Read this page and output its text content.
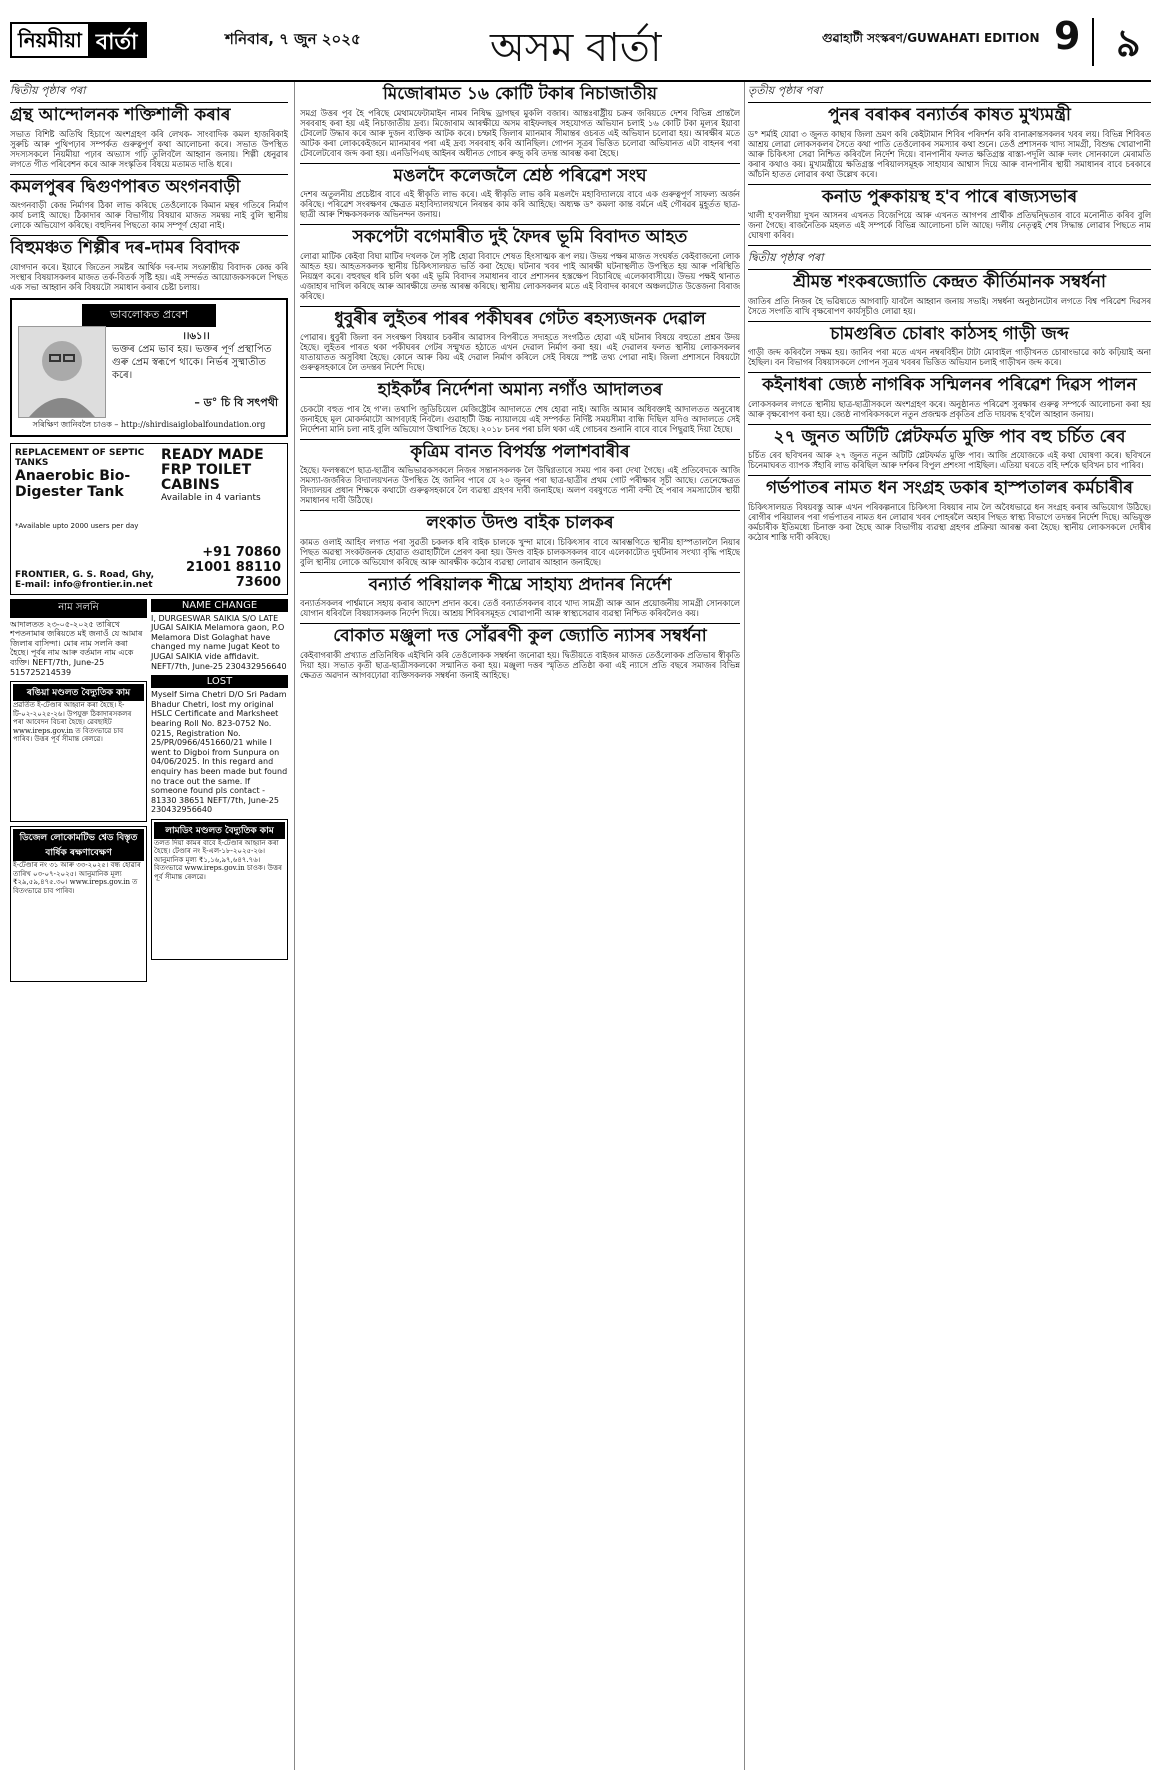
নিয়মীয়া বার্তা	শনিবাৰ, ৭ জুন ২০২৫	অসম বাৰ্তা	গুৱাহাটী সংস্কৰণ/GUWAHATI EDITION 9 ৯
দ্বিতীয় পৃষ্ঠাৰ পৰা
গ্ৰন্থ আন্দোলনক শক্তিশালী কৰাৰ

সভাত বিশিষ্ট অতিথি হিচাপে অংশগ্ৰহণ কৰি লেখক- সাংবাদিক কমল হাজৰিকাই সুৰুচি আৰু পুথিপঢ়াৰ সম্পৰ্কত গুৰুত্বপূৰ্ণ কথা আলোচনা কৰে। সভাত উপস্থিত সদস্যসকলে নিয়মীয়া পঢ়াৰ অভ্যাস গঢ়ি তুলিবলৈ আহ্বান জনায়। শিল্পী ধেনুৱাৰ লগতে গীত পৰিবেশন কৰে আৰু সংস্কৃতিৰ বিষয়ে মতামত দাঙি ধৰে।

কমলপুৰৰ দ্বিগুণপাৰত অংগনবাড়ী

অংগনবাড়ী কেন্দ্ৰ নিৰ্মাণৰ ঠিকা লাভ কৰিছে তেওঁলোকে কিমান মন্থৰ গতিৰে নিৰ্মাণ কাৰ্য চলাই আছে। ঠিকাদাৰ আৰু বিভাগীয় বিষয়াৰ মাজত সমন্বয় নাই বুলি স্থানীয় লোকে অভিযোগ কৰিছে। বহুদিনৰ পিছতো কাম সম্পূৰ্ণ হোৱা নাই।

বিহুমঞ্চত শিল্পীৰ দৰ-দামৰ বিবাদক

যোগদান কৰে। ইয়াৰে জিতেন সমষ্টৰ আৰ্থিক দৰ-দাম সংক্ৰান্তীয় বিবাদক কেন্দ্ৰ কৰি সংস্থাৰ বিষয়াসকলৰ মাজত তৰ্ক-বিতৰ্ক সৃষ্টি হয়। এই সন্দৰ্ভত আয়োজকসকলে পিছত এক সভা আহ্বান কৰি বিষয়টো সমাধান কৰাৰ চেষ্টা চলায়।

ভাবলোকত প্ৰবেশ
।।৬১।।
ভক্তৰ প্ৰেম ভাব হয়। ভক্তৰ পূৰ্ণ প্ৰস্থাপিত গুৰু প্ৰেম স্বৰূপে থাকে। নিৰ্ভৰ সুষ্মাতীত কৰে।
– ড° চি বি সৎপথী
সৰিক্ষিণ জানিবলৈ চাওক – http://shirdisaiglobalfoundation.org
REPLACEMENT OF SEPTIC TANKS
Anaerobic Bio-Digester Tank
*Available upto 2000 users per day
READY MADE FRP TOILET CABINS
Available in 4 variants
FRONTIER, G. S. Road, Ghy, E-mail: info@frontier.in.net
+91 70860 21001 88110 73600
নাম সলনি
আদালতত ২৩-০৫-২০২৫ তাৰিখে শপতনামাৰ জৰিয়তে মই জনাওঁ যে আমাৰ জিলাৰ বাসিন্দা। মোৰ নাম সলনি কৰা হৈছে। পূৰ্বৰ নাম আৰু বৰ্তমান নাম একে ব্যক্তি। NEFT/7th, June-25 515725214539
ৰঙিয়া মণ্ডলত বৈদ্যুতিক কাম
প্ৰৱৰ্তিত ই-টেণ্ডাৰ আহ্বান কৰা হৈছে। ই-টি-০২-২০২৫-২৬। উপযুক্ত ঠিকাদাৰসকলৰ পৰা আবেদন বিচৰা হৈছে। ৱেবছাইট www.ireps.gov.in ত বিতংভাৱে চাব পাৰিব। উত্তৰ পূৰ্ব সীমান্ত ৰেলৱে।
ডিজেল লোকোমটিভ শ্বেড বিস্তৃত বাৰ্ষিক ৰক্ষণাবেক্ষণ
ই-টেণ্ডাৰ নং ৩১ আৰু ৩৩-২০২৫। বন্ধ হোৱাৰ তাৰিখ ০৩-০৭-২০২৫। আনুমানিক মূল্য ₹২৯,৫৯,৪৭৫.৩০। www.ireps.gov.in ত বিতংভাৱে চাব পাৰিব।
NAME CHANGE
I, DURGESWAR SAIKIA S/O LATE JUGAI SAIKIA Melamora gaon, P.O Melamora Dist Golaghat have changed my name Jugat Keot to JUGAI SAIKIA vide affidavit. NEFT/7th, June-25 230432956640
LOST
Myself Sima Chetri D/O Sri Padam Bhadur Chetri, lost my original HSLC Certificate and Marksheet bearing Roll No. 823-0752 No. 0215, Registration No. 25/PR/0966/451660/21 while I went to Digboi from Sunpura on 04/06/2025. In this regard and enquiry has been made but found no trace out the same. If someone found pls contact - 81330 38651 NEFT/7th, June-25 230432956640
লামডিং মণ্ডলত বৈদ্যুতিক কাম
তলত দিয়া কামৰ বাবে ই-টেণ্ডাৰ আহ্বান কৰা হৈছে। টেণ্ডাৰ নং ই-এল-১৮-২০২৫-২৬। আনুমানিক মূল্য ₹১,১৬,৯৭,৬৪৭.৭৬। বিতংভাৱে www.ireps.gov.in চাওক। উত্তৰ পূৰ্ব সীমান্ত ৰেলৱে।
মিজোৰামত ১৬ কোটি টকাৰ নিচাজাতীয়

সমগ্ৰ উত্তৰ পূব হৈ পৰিছে মেথামফেটামাইন নামৰ নিষিদ্ধ ড্ৰাগছৰ মুকলি বজাৰ। আন্তঃৰাষ্ট্ৰীয় চক্ৰৰ জৰিয়তে দেশৰ বিভিন্ন প্ৰান্তলৈ সৰবৰাহ কৰা হয় এই নিচাজাতীয় দ্ৰব্য। মিজোৰাম আৰক্ষীয়ে অসম ৰাইফলছৰ সহযোগত অভিযান চলাই ১৬ কোটি টকা মূল্যৰ ইয়াবা টেবলেট উদ্ধাৰ কৰে আৰু দুজন ব্যক্তিক আটক কৰে। চম্ফাই জিলাৰ ম্যানমাৰ সীমান্তৰ ওচৰত এই অভিযান চলোৱা হয়। আৰক্ষীৰ মতে আটক কৰা লোককেইজনে ম্যানমাৰৰ পৰা এই দ্ৰব্য সৰবৰাহ কৰি আনিছিল। গোপন সূত্ৰৰ ভিত্তিত চলোৱা অভিযানত এটা বাহনৰ পৰা টেবলেটবোৰ জব্দ কৰা হয়। এনডিপিএছ আইনৰ অধীনত গোচৰ ৰুজু কৰি তদন্ত আৰম্ভ কৰা হৈছে।

মঙলদৈ কলেজলৈ শ্ৰেষ্ঠ পৰিৱেশ সংঘ

দেশৰ অতুলনীয় প্ৰচেষ্টাৰ বাবে এই স্বীকৃতি লাভ কৰে। এই স্বীকৃতি লাভ কৰি মঙলদৈ মহাবিদ্যালয়ে বাবে এক গুৰুত্বপূৰ্ণ সাফল্য অৰ্জন কৰিছে। পৰিৱেশ সংৰক্ষণৰ ক্ষেত্ৰত মহাবিদ্যালয়খনে নিৰন্তৰ কাম কৰি আহিছে। অধ্যক্ষ ড° কমলা কান্ত বৰ্মনে এই গৌৰৱৰ মুহূৰ্তত ছাত্ৰ-ছাত্ৰী আৰু শিক্ষকসকলক অভিনন্দন জনায়।

সকপেটা বগেমাৰীত দুই ফৈদৰ ভূমি বিবাদত আহত

লোৱা মাটিক কেইবা বিঘা মাটিৰ দখলক লৈ সৃষ্টি হোৱা বিবাদে শেষত হিংসাত্মক ৰূপ লয়। উভয় পক্ষৰ মাজত সংঘৰ্ষত কেইবাজনো লোক আহত হয়। আহতসকলক স্থানীয় চিকিৎসালয়ত ভৰ্তি কৰা হৈছে। ঘটনাৰ খবৰ পাই আৰক্ষী ঘটনাস্থলীত উপস্থিত হয় আৰু পৰিস্থিতি নিয়ন্ত্ৰণ কৰে। বহুবছৰ ধৰি চলি থকা এই ভূমি বিবাদৰ সমাধানৰ বাবে প্ৰশাসনৰ হস্তক্ষেপ বিচাৰিছে এলেকাবাসীয়ে। উভয় পক্ষই থানাত এজাহাৰ দাখিল কৰিছে আৰু আৰক্ষীয়ে তদন্ত আৰম্ভ কৰিছে। স্থানীয় লোকসকলৰ মতে এই বিবাদৰ কাৰণে অঞ্চলটোত উত্তেজনা বিৰাজ কৰিছে।

ধুবুৰীৰ লুইতৰ পাৰৰ পকীঘৰৰ গেটত ৰহস্যজনক দেৱাল

পোৱাৰ। ধুবুৰী জিলা বন সংৰক্ষণ বিষয়াৰ চকৰীৰ আৱাসৰ বিপৰীতে সদ্যহতে সংগঠিত হোৱা এই ঘটনাৰ বিষয়ে বহুতো প্ৰশ্নৰ উদয় হৈছে। লুইতৰ পাৰত থকা পকীঘৰৰ গেটৰ সন্মুখত হঠাতে এখন দেৱাল নিৰ্মাণ কৰা হয়। এই দেৱালৰ ফলত স্থানীয় লোকসকলৰ যাতায়াতত অসুবিধা হৈছে। কোনে আৰু কিয় এই দেৱাল নিৰ্মাণ কৰিলে সেই বিষয়ে স্পষ্ট তথ্য পোৱা নাই। জিলা প্ৰশাসনে বিষয়টো গুৰুত্বসহকাৰে লৈ তদন্তৰ নিৰ্দেশ দিছে।

হাইকৰ্টৰ নিৰ্দেশনা অমান্য নগাঁও আদালতৰ

চেকটো বহুত পাৰ হৈ গ'ল। তথাপি জুডিচিয়েল মেজিষ্ট্ৰেটৰ আদালতে শেষ হোৱা নাই। আজি আমাৰ অধিবক্তাই আদালতত অনুৰোধ জনাইছে মূল মোকৰ্দমাটো আগবঢ়াই নিবলৈ। গুৱাহাটী উচ্চ ন্যায়ালয়ে এই সম্পৰ্কত নিৰ্দিষ্ট সময়সীমা বান্ধি দিছিল যদিও আদালতে সেই নিৰ্দেশনা মানি চলা নাই বুলি অভিযোগ উত্থাপিত হৈছে। ২০১৮ চনৰ পৰা চলি থকা এই গোচৰৰ শুনানি বাৰে বাৰে পিছুৱাই দিয়া হৈছে।

কৃত্ৰিম বানত বিপৰ্যস্ত পলাশবাৰীৰ

হৈছে। ফলস্বৰূপে ছাত্ৰ-ছাত্ৰীৰ অভিভাৱকসকলে নিজৰ সন্তানসকলক লৈ উদ্বিগ্নতাৰে সময় পাৰ কৰা দেখা গৈছে। এই প্ৰতিবেদকে আজি সমস্যা-জৰ্জৰিত বিদ্যালয়খনত উপস্থিত হৈ জানিব পাৰে যে ২০ জুনৰ পৰা ছাত্ৰ-ছাত্ৰীৰ প্ৰথম গোট পৰীক্ষাৰ সূচী আছে। তেনেক্ষেত্ৰত বিদ্যালয়ৰ প্ৰধান শিক্ষকে কথাটো গুৰুত্বসহকাৰে লৈ ব্যৱস্থা গ্ৰহণৰ দাবী জনাইছে। অলপ বৰষুণতে পানী বন্দী হৈ পৰাৰ সমস্যাটোৰ স্থায়ী সমাধানৰ দাবী উঠিছে।

লংকাত উদণ্ড বাইক চালকৰ

কামত ওলাই আহিব লগাত পৰা সুৱতী চকলক ধৰি বাইক চালকে খুন্দা মাৰে। চিকিৎসাৰ বাবে আৰম্ভণিতে স্থানীয় হাস্পতাললৈ নিয়াৰ পিছত অৱস্থা সংকটজনক হোৱাত গুৱাহাটীলৈ প্ৰেৰণ কৰা হয়। উদণ্ড বাইক চালকসকলৰ বাবে এলেকাটোত দুৰ্ঘটনাৰ সংখ্যা বৃদ্ধি পাইছে বুলি স্থানীয় লোকে অভিযোগ কৰিছে আৰু আৰক্ষীক কঠোৰ ব্যৱস্থা লোৱাৰ আহ্বান জনাইছে।

বন্যাৰ্ত পৰিয়ালক শীঘ্ৰে সাহায্য প্ৰদানৰ নিৰ্দেশ

বন্যাৰ্তসকলৰ পাৰ্শ্বমানে সহায় কৰাৰ আদেশ প্ৰদান কৰে। তেওঁ বন্যাৰ্তসকলৰ বাবে খাদ্য সামগ্ৰী আৰু আন প্ৰয়োজনীয় সামগ্ৰী সোনকালে যোগান ধৰিবলৈ বিষয়াসকলক নিৰ্দেশ দিয়ে। আশ্ৰয় শিবিৰসমূহত খোৱাপানী আৰু স্বাস্থ্যসেৱাৰ ব্যৱস্থা নিশ্চিত কৰিবলৈও কয়।

বোকাত মঞ্জুলা দত্ত সোঁৱৰণী কুল জ্যোতি ন্যাসৰ সম্বৰ্ধনা

কেইবাগৰাকী প্ৰখ্যাত প্ৰতিনিধিক এইখিনি কৰি তেওঁলোকক সম্বৰ্ধনা জনোৱা হয়। দ্বিতীয়তে বাইজৰ মাজত তেওঁলোকক প্ৰতিভাৰ স্বীকৃতি দিয়া হয়। সভাত কৃতী ছাত্ৰ-ছাত্ৰীসকলকো সন্মানিত কৰা হয়। মঞ্জুলা দত্তৰ স্মৃতিত প্ৰতিষ্ঠা কৰা এই ন্যাসে প্ৰতি বছৰে সমাজৰ বিভিন্ন ক্ষেত্ৰত অৱদান আগবঢ়োৱা ব্যক্তিসকলক সম্বৰ্ধনা জনাই আহিছে।

তৃতীয় পৃষ্ঠাৰ পৰা
পুনৰ বৰাকৰ বন্যাৰ্তৰ কাষত মুখ্যমন্ত্ৰী

ড° শৰ্মাই যোৱা ৩ জুনত কাছাৰ জিলা ভ্ৰমণ কৰি কেইটামান শিবিৰ পৰিদৰ্শন কৰি বানাক্ৰান্তসকলৰ খবৰ লয়। বিভিন্ন শিবিৰত আশ্ৰয় লোৱা লোকসকলৰ সৈতে কথা পাতি তেওঁলোকৰ সমস্যাৰ কথা শুনে। তেওঁ প্ৰশাসনক খাদ্য সামগ্ৰী, বিশুদ্ধ খোৱাপানী আৰু চিকিৎসা সেৱা নিশ্চিত কৰিবলৈ নিৰ্দেশ দিয়ে। বানপানীৰ ফলত ক্ষতিগ্ৰস্ত ৰাস্তা-পদূলি আৰু দলং সোনকালে মেৰামতি কৰাৰ কথাও কয়। মুখ্যমন্ত্ৰীয়ে ক্ষতিগ্ৰস্ত পৰিয়ালসমূহক সাহায্যৰ আশ্বাস দিয়ে আৰু বানপানীৰ স্থায়ী সমাধানৰ বাবে চৰকাৰে আঁচনি হাতত লোৱাৰ কথা উল্লেখ কৰে।

কনাড পুৰুকায়স্থ হ'ব পাৰে ৰাজ্যসভাৰ

খালী হ'বলগীয়া দুখন আসনৰ এখনত বিজেপিয়ে আৰু এখনত আগপৰ প্ৰাৰ্থীক প্ৰতিদ্বন্দ্বিতাৰ বাবে মনোনীত কৰিব বুলি জনা গৈছে। ৰাজনৈতিক মহলত এই সম্পৰ্কে বিভিন্ন আলোচনা চলি আছে। দলীয় নেতৃত্বই শেষ সিদ্ধান্ত লোৱাৰ পিছতে নাম ঘোষণা কৰিব।

দ্বিতীয় পৃষ্ঠাৰ পৰা
শ্ৰীমন্ত শংকৰজ্যোতি কেন্দ্ৰত কীৰ্তিমানক সম্বৰ্ধনা

জাতিৰ প্ৰতি নিজৰ হৈ ভৱিষ্যতে আগবাঢ়ি যাবলৈ আহ্বান জনায় সভাই। সম্বৰ্ধনা অনুষ্ঠানটোৰ লগতে বিশ্ব পৰিৱেশ দিৱসৰ সৈতে সংগতি ৰাখি বৃক্ষৰোপণ কাৰ্যসূচীও লোৱা হয়।

চামগুৰিত চোৰাং কাঠসহ গাড়ী জব্দ

গাড়ী জব্দ কৰিবলৈ সক্ষম হয়। জানিব পৰা মতে এখন নম্বৰবিহীন টাটা মোবাইল গাড়ীখনত চোৰাংভাৱে কাঠ কঢ়িয়াই অনা হৈছিল। বন বিভাগৰ বিষয়াসকলে গোপন সূত্ৰৰ খবৰৰ ভিত্তিত অভিযান চলাই গাড়ীখন জব্দ কৰে।

কইনাধৰা জ্যেষ্ঠ নাগৰিক সন্মিলনৰ পৰিৱেশ দিৱস পালন

লোকসকলৰ লগতে স্থানীয় ছাত্ৰ-ছাত্ৰীসকলে অংশগ্ৰহণ কৰে। অনুষ্ঠানত পৰিৱেশ সুৰক্ষাৰ গুৰুত্ব সম্পৰ্কে আলোচনা কৰা হয় আৰু বৃক্ষৰোপণ কৰা হয়। জ্যেষ্ঠ নাগৰিকসকলে নতুন প্ৰজন্মক প্ৰকৃতিৰ প্ৰতি দায়বদ্ধ হ'বলৈ আহ্বান জনায়।

২৭ জুনত অটিটি প্লেটফৰ্মত মুক্তি পাব বহু চৰ্চিত ৰেব

চৰ্চিত ৰেব ছবিখনৰ আৰু ২৭ জুনত নতুন অটিটি প্লেটফৰ্মত মুক্তি পাব। আজি প্ৰযোজকে এই কথা ঘোষণা কৰে। ছবিখনে চিনেমাঘৰত ব্যাপক সঁহাৰি লাভ কৰিছিল আৰু দৰ্শকৰ বিপুল প্ৰশংসা পাইছিল। এতিয়া ঘৰতে বহি দৰ্শকে ছবিখন চাব পাৰিব।

গৰ্ভপাতৰ নামত ধন সংগ্ৰহ ডকাৰ হাস্পতালৰ কৰ্মচাৰীৰ

চিকিৎসালয়ত বিষয়বস্তু আৰু এখন পৰিকল্পনাৰে চিকিৎসা বিষয়াৰ নাম লৈ অবৈধভাৱে ধন সংগ্ৰহ কৰাৰ অভিযোগ উঠিছে। ৰোগীৰ পৰিয়ালৰ পৰা গৰ্ভপাতৰ নামত ধন লোৱাৰ খবৰ পোহৰলৈ অহাৰ পিছত স্বাস্থ্য বিভাগে তদন্তৰ নিৰ্দেশ দিছে। অভিযুক্ত কৰ্মচাৰীক ইতিমধ্যে চিনাক্ত কৰা হৈছে আৰু বিভাগীয় ব্যৱস্থা গ্ৰহণৰ প্ৰক্ৰিয়া আৰম্ভ কৰা হৈছে। স্থানীয় লোকসকলে দোষীৰ কঠোৰ শাস্তি দাবী কৰিছে।
